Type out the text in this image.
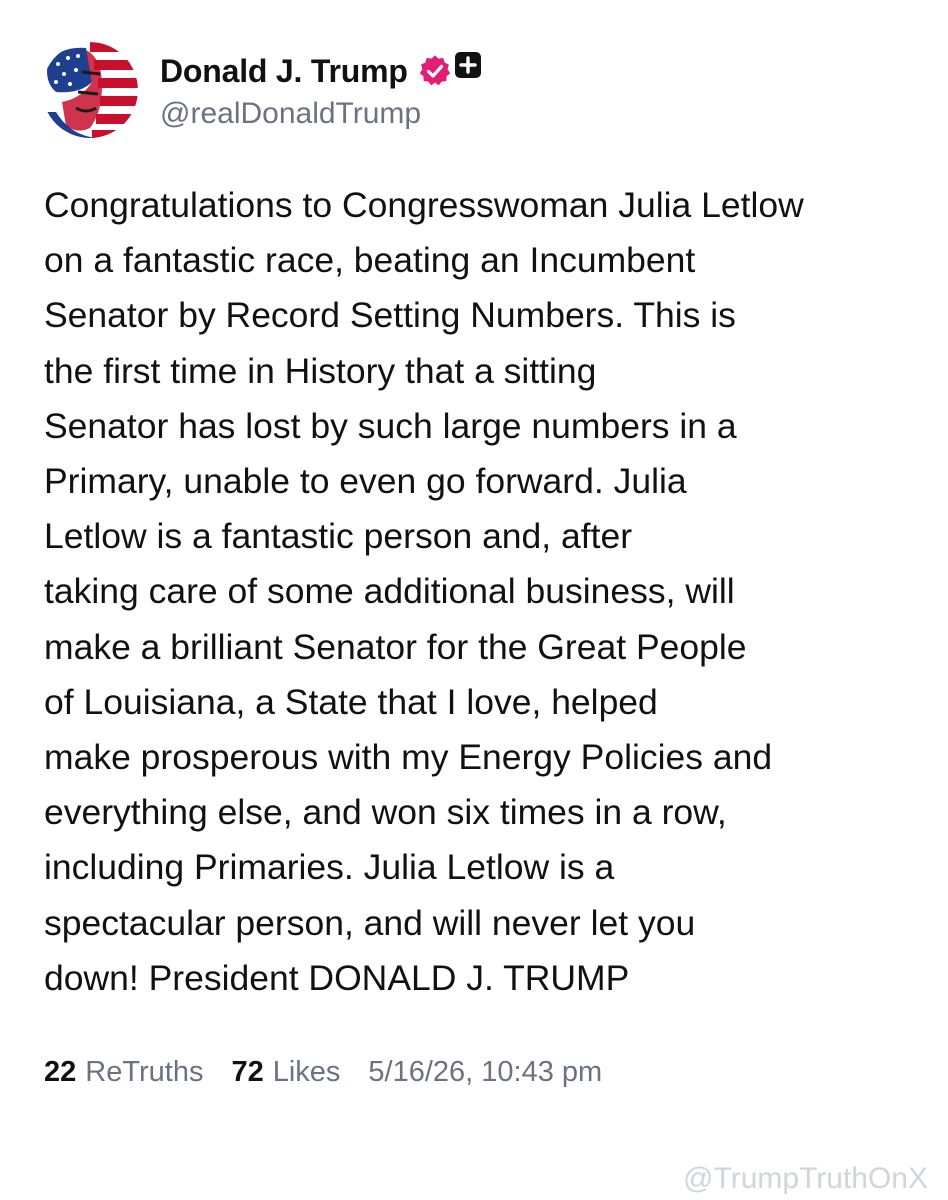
Donald J. Trump
@realDonaldTrump
Congratulations to Congresswoman Julia Letlow
on a fantastic race, beating an Incumbent
Senator by Record Setting Numbers. This is
the first time in History that a sitting
Senator has lost by such large numbers in a
Primary, unable to even go forward. Julia
Letlow is a fantastic person and, after
taking care of some additional business, will
make a brilliant Senator for the Great People
of Louisiana, a State that I love, helped
make prosperous with my Energy Policies and
everything else, and won six times in a row,
including Primaries. Julia Letlow is a
spectacular person, and will never let you
down! President DONALD J. TRUMP
22 ReTruths 72 Likes 5/16/26, 10:43 pm
@TrumpTruthOnX
